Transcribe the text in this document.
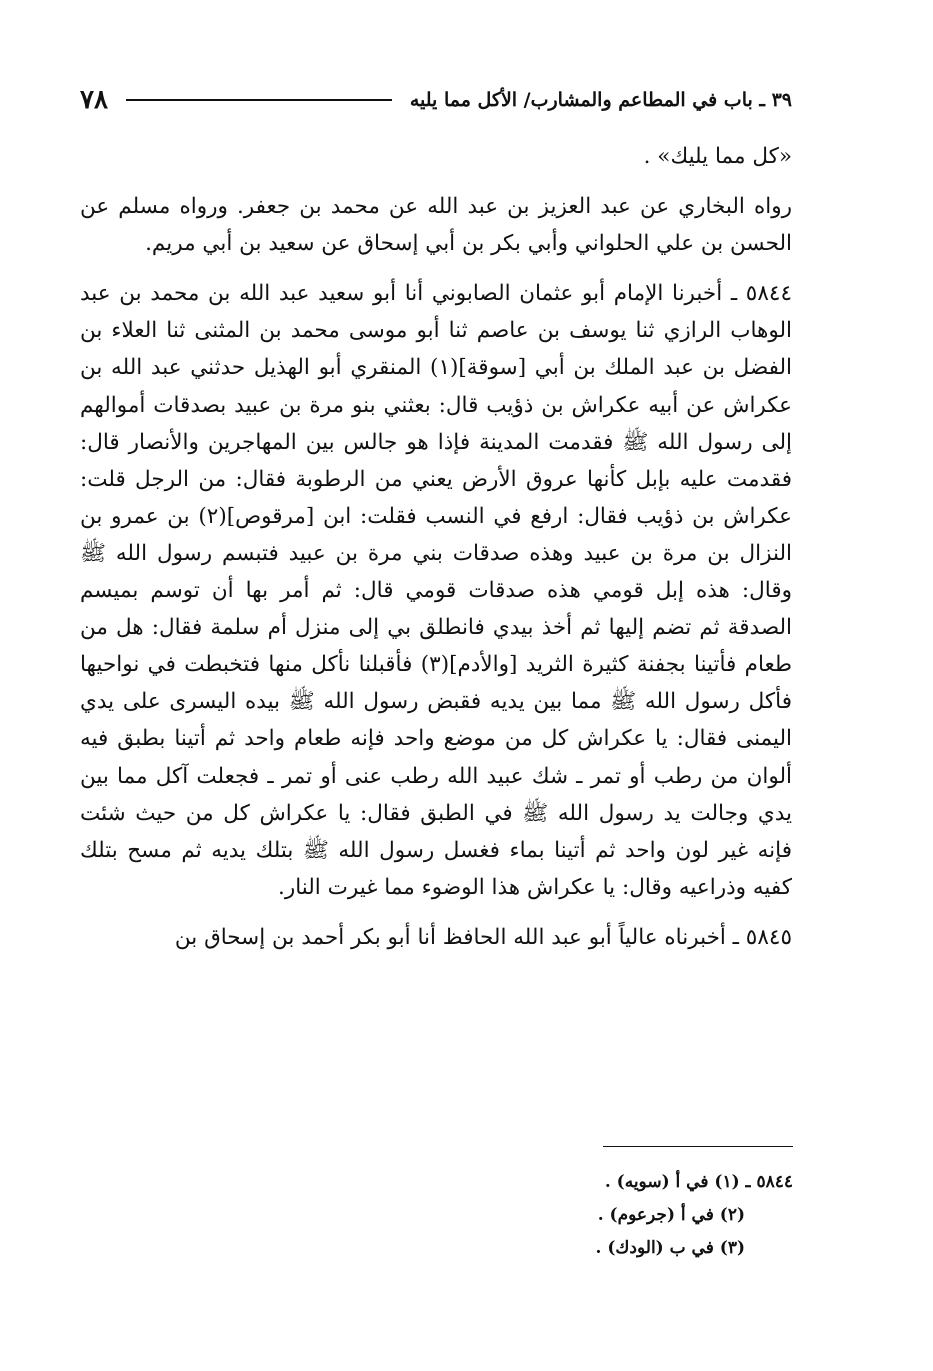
٣٩ ـ باب في المطاعم والمشارب/ الأكل مما يليه
٧٨

«كل مما يليك» .

رواه البخاري عن عبد العزيز بن عبد الله عن محمد بن جعفر. ورواه مسلم عن الحسن بن علي الحلواني وأبي بكر بن أبي إسحاق عن سعيد بن أبي مريم.

٥٨٤٤ ـ أخبرنا الإمام أبو عثمان الصابوني أنا أبو سعيد عبد الله بن محمد بن عبد الوهاب الرازي ثنا يوسف بن عاصم ثنا أبو موسى محمد بن المثنى ثنا العلاء بن الفضل بن عبد الملك بن أبي [سوقة](١) المنقري أبو الهذيل حدثني عبد الله بن عكراش عن أبيه عكراش بن ذؤيب قال: بعثني بنو مرة بن عبيد بصدقات أموالهم إلى رسول الله ﷺ فقدمت المدينة فإذا هو جالس بين المهاجرين والأنصار قال: فقدمت عليه بإبل كأنها عروق الأرض يعني من الرطوبة فقال: من الرجل قلت: عكراش بن ذؤيب فقال: ارفع في النسب فقلت: ابن [مرقوص](٢) بن عمرو بن النزال بن مرة بن عبيد وهذه صدقات بني مرة بن عبيد فتبسم رسول الله ﷺ وقال: هذه إبل قومي هذه صدقات قومي قال: ثم أمر بها أن توسم بميسم الصدقة ثم تضم إليها ثم أخذ بيدي فانطلق بي إلى منزل أم سلمة فقال: هل من طعام فأتينا بجفنة كثيرة الثريد [والأدم](٣) فأقبلنا نأكل منها فتخبطت في نواحيها فأكل رسول الله ﷺ مما بين يديه فقبض رسول الله ﷺ بيده اليسرى على يدي اليمنى فقال: يا عكراش كل من موضع واحد فإنه طعام واحد ثم أتينا بطبق فيه ألوان من رطب أو تمر ـ شك عبيد الله رطب عنى أو تمر ـ فجعلت آكل مما بين يدي وجالت يد رسول الله ﷺ في الطبق فقال: يا عكراش كل من حيث شئت فإنه غير لون واحد ثم أتينا بماء فغسل رسول الله ﷺ بتلك يديه ثم مسح بتلك كفيه وذراعيه وقال: يا عكراش هذا الوضوء مما غيرت النار.

٥٨٤٥ ـ أخبرناه عالياً أبو عبد الله الحافظ أنا أبو بكر أحمد بن إسحاق بن

٥٨٤٤ ـ (١) في أ (سويه) .
(٢) في أ (جرعوم) .
(٣) في ب (الودك) .
